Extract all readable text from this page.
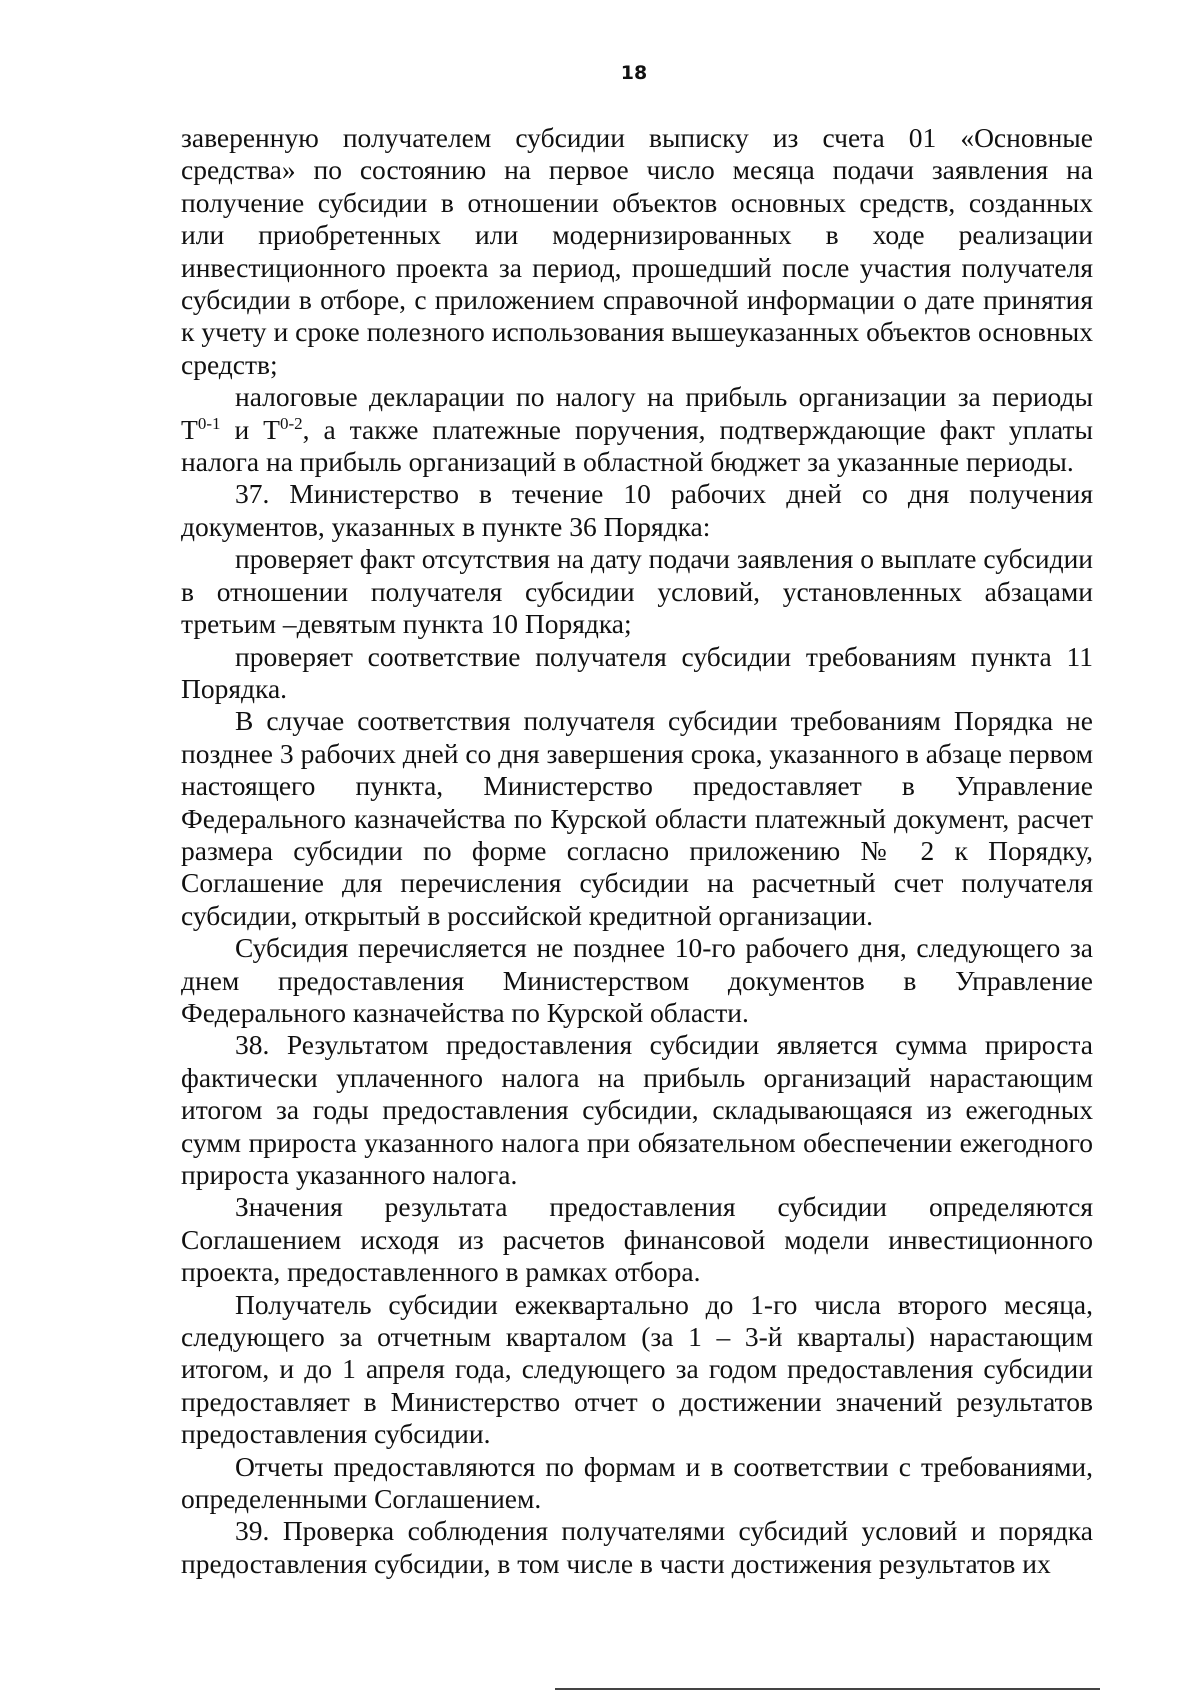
18

заверенную получателем субсидии выписку из счета 01 «Основные средства» по состоянию на первое число месяца подачи заявления на получение субсидии в отношении объектов основных средств, созданных или приобретенных или модернизированных в ходе реализации инвестиционного проекта за период, прошедший после участия получателя субсидии в отборе, с приложением справочной информации о дате принятия к учету и сроке полезного использования вышеуказанных объектов основных средств;

налоговые декларации по налогу на прибыль организации за периоды $Т^{0-1}$ и $Т^{0-2}$, а также платежные поручения, подтверждающие факт уплаты налога на прибыль организаций в областной бюджет за указанные периоды.

37. Министерство в течение 10 рабочих дней со дня получения документов, указанных в пункте 36 Порядка:

проверяет факт отсутствия на дату подачи заявления о выплате субсидии в отношении получателя субсидии условий, установленных абзацами третьим –девятым пункта 10 Порядка;

проверяет соответствие получателя субсидии требованиям пункта 11 Порядка.

В случае соответствия получателя субсидии требованиям Порядка не позднее 3 рабочих дней со дня завершения срока, указанного в абзаце первом настоящего пункта, Министерство предоставляет в Управление Федерального казначейства по Курской области платежный документ, расчет размера субсидии по форме согласно приложению № 2 к Порядку, Соглашение для перечисления субсидии на расчетный счет получателя субсидии, открытый в российской кредитной организации.

Субсидия перечисляется не позднее 10-го рабочего дня, следующего за днем предоставления Министерством документов в Управление Федерального казначейства по Курской области.

38. Результатом предоставления субсидии является сумма прироста фактически уплаченного налога на прибыль организаций нарастающим итогом за годы предоставления субсидии, складывающаяся из ежегодных сумм прироста указанного налога при обязательном обеспечении ежегодного прироста указанного налога.

Значения результата предоставления субсидии определяются Соглашением исходя из расчетов финансовой модели инвестиционного проекта, предоставленного в рамках отбора.

Получатель субсидии ежеквартально до 1-го числа второго месяца, следующего за отчетным кварталом (за 1 – 3-й кварталы) нарастающим итогом, и до 1 апреля года, следующего за годом предоставления субсидии предоставляет в Министерство отчет о достижении значений результатов предоставления субсидии.

Отчеты предоставляются по формам и в соответствии с требованиями, определенными Соглашением.

39. Проверка соблюдения получателями субсидий условий и порядка предоставления субсидии, в том числе в части достижения результатов их
